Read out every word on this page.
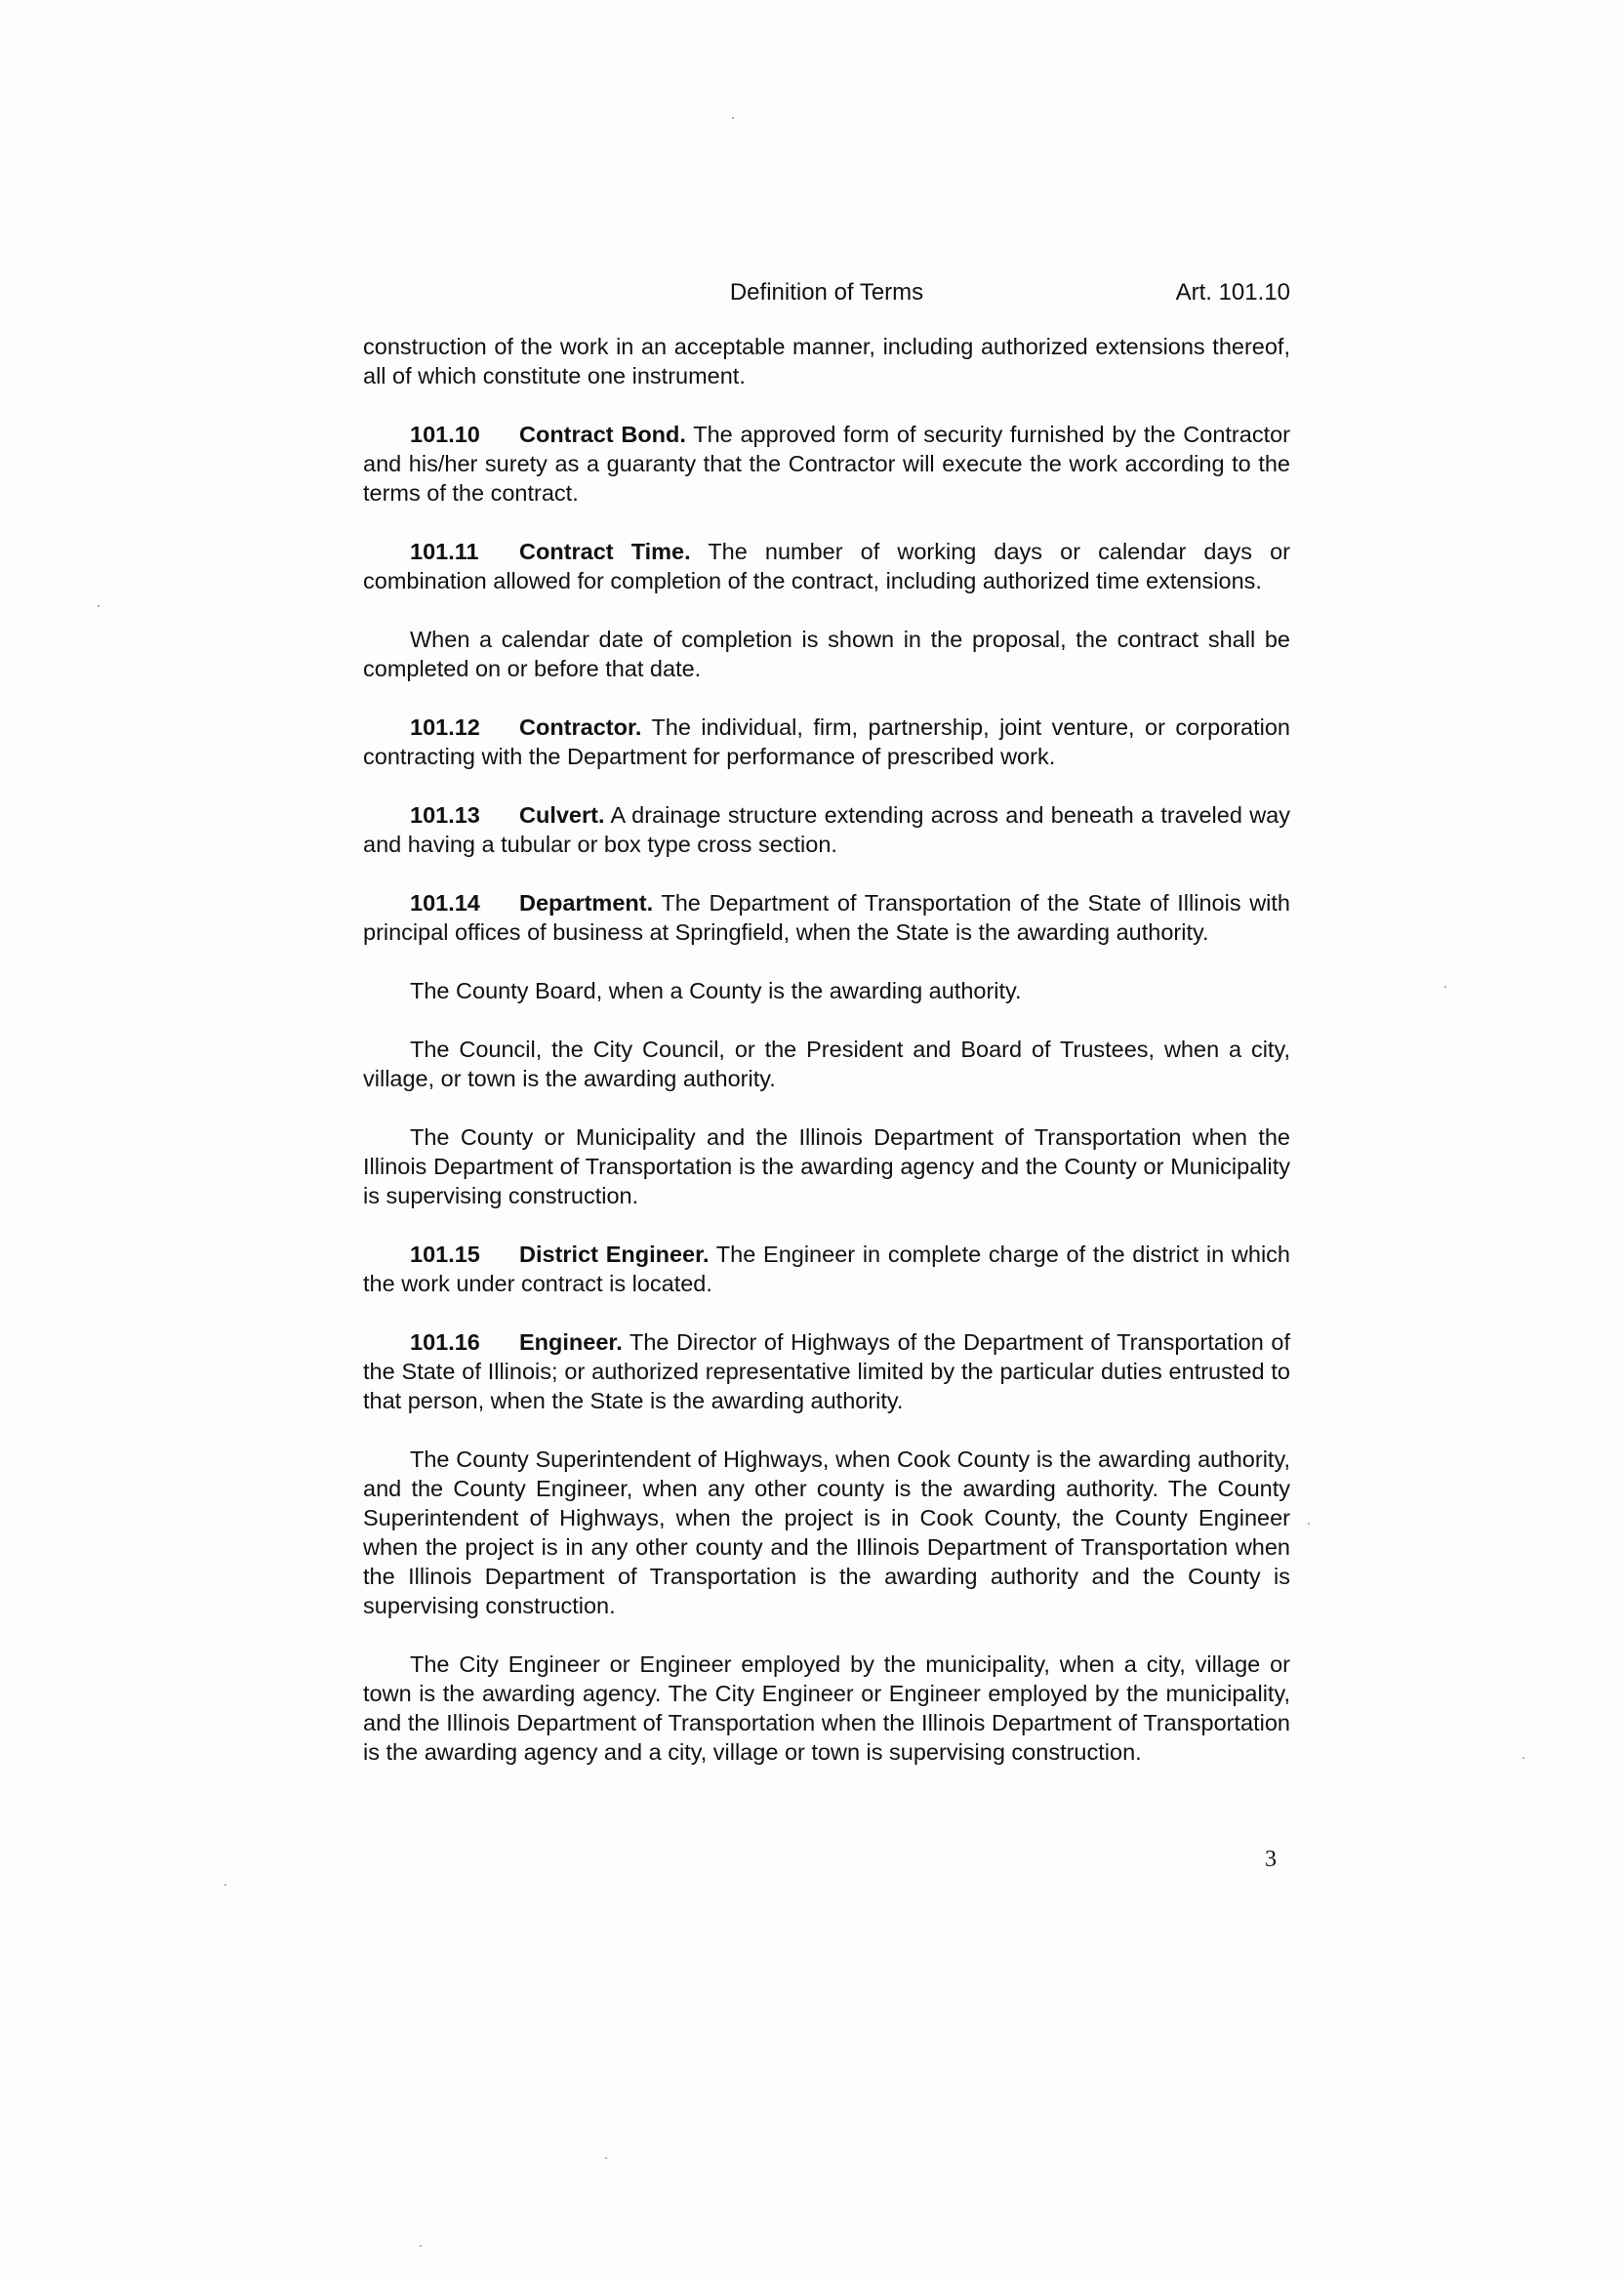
Definition of Terms	Art. 101.10

construction of the work in an acceptable manner, including authorized extensions thereof, all of which constitute one instrument.

101.10 Contract Bond. The approved form of security furnished by the Contractor and his/her surety as a guaranty that the Contractor will execute the work according to the terms of the contract.

101.11 Contract Time. The number of working days or calendar days or combination allowed for completion of the contract, including authorized time extensions.

When a calendar date of completion is shown in the proposal, the contract shall be completed on or before that date.

101.12 Contractor. The individual, firm, partnership, joint venture, or corporation contracting with the Department for performance of prescribed work.

101.13 Culvert. A drainage structure extending across and beneath a traveled way and having a tubular or box type cross section.

101.14 Department. The Department of Transportation of the State of Illinois with principal offices of business at Springfield, when the State is the awarding authority.

The County Board, when a County is the awarding authority.

The Council, the City Council, or the President and Board of Trustees, when a city, village, or town is the awarding authority.

The County or Municipality and the Illinois Department of Transportation when the Illinois Department of Transportation is the awarding agency and the County or Municipality is supervising construction.

101.15 District Engineer. The Engineer in complete charge of the district in which the work under contract is located.

101.16 Engineer. The Director of Highways of the Department of Transportation of the State of Illinois; or authorized representative limited by the particular duties entrusted to that person, when the State is the awarding authority.

The County Superintendent of Highways, when Cook County is the awarding authority, and the County Engineer, when any other county is the awarding authority. The County Superintendent of Highways, when the project is in Cook County, the County Engineer when the project is in any other county and the Illinois Department of Transportation when the Illinois Department of Transportation is the awarding authority and the County is supervising construction.

The City Engineer or Engineer employed by the municipality, when a city, village or town is the awarding agency. The City Engineer or Engineer employed by the municipality, and the Illinois Department of Transportation when the Illinois Department of Transportation is the awarding agency and a city, village or town is supervising construction.

3
